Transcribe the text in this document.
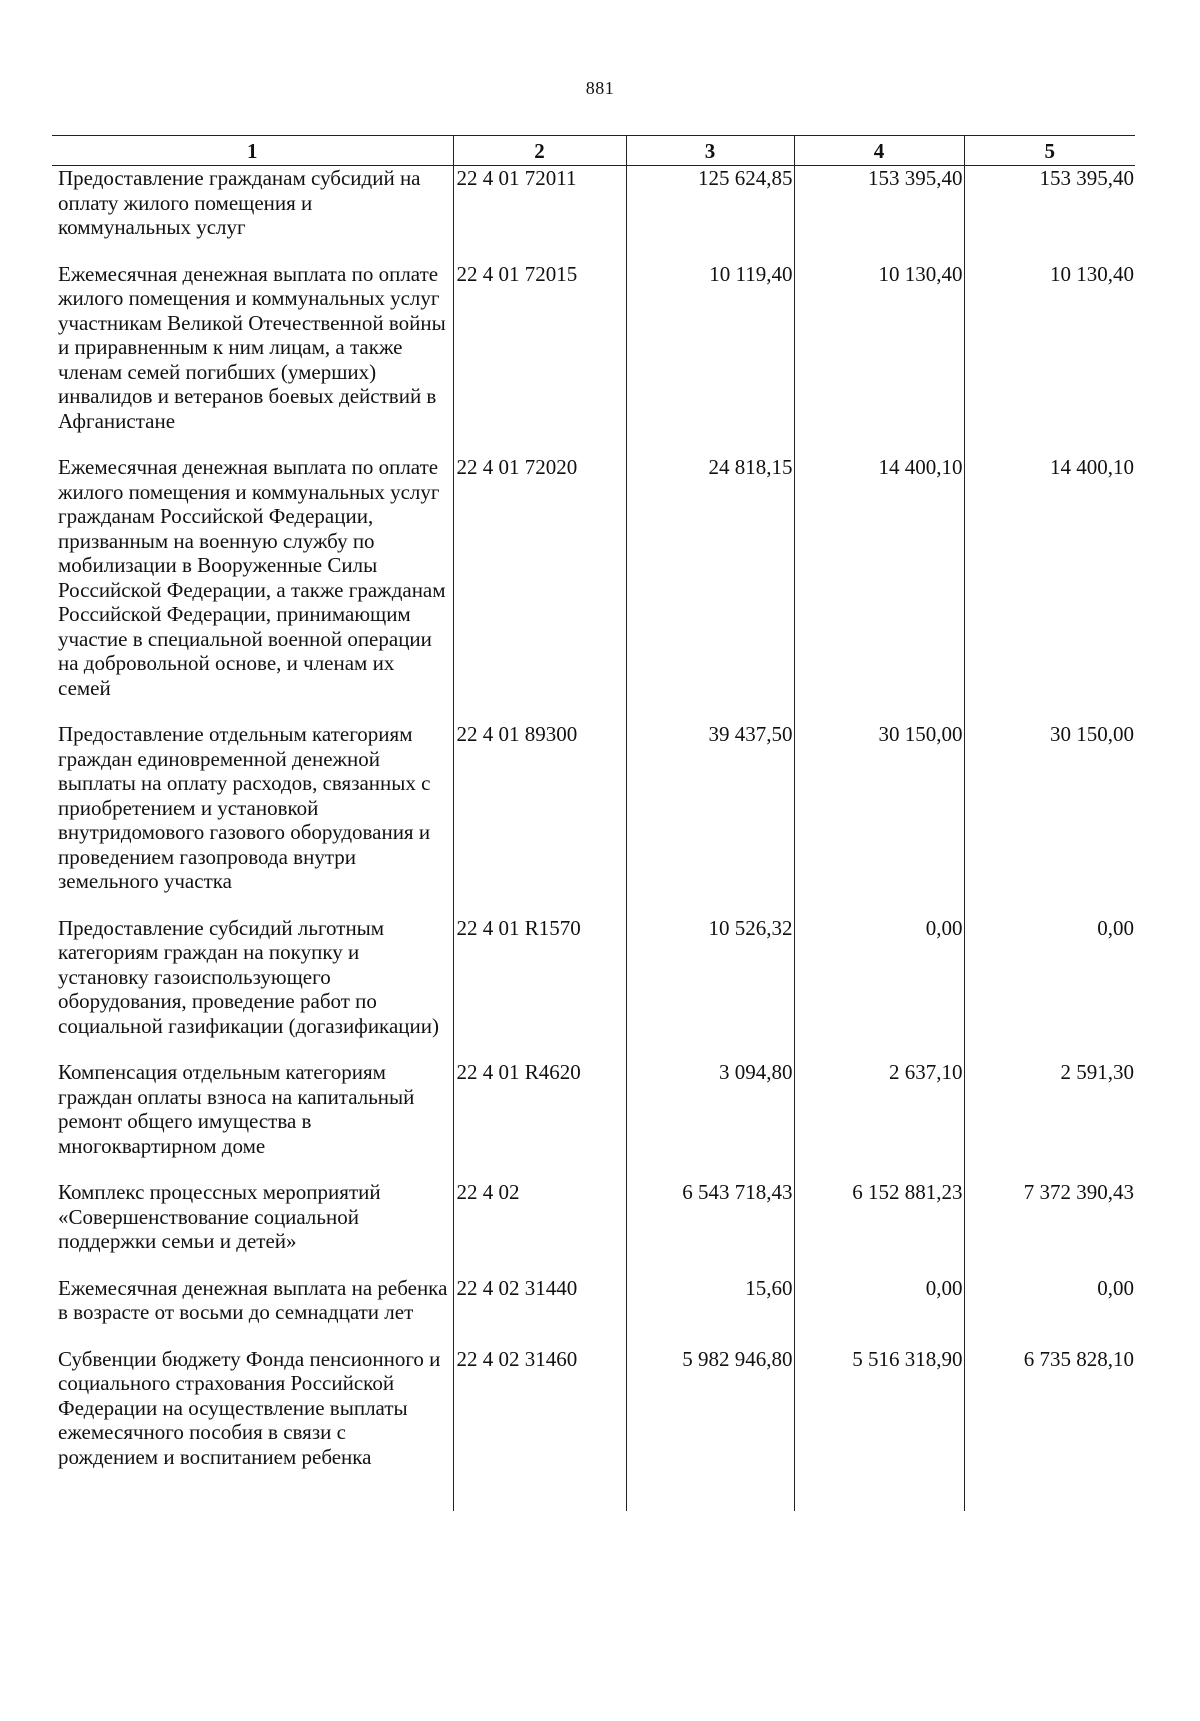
881
1	2	3	4	5
Предоставление гражданам субсидий на оплату жилого помещения и коммунальных услуг	22 4 01 72011	125 624,85	153 395,40	153 395,40
Ежемесячная денежная выплата по оплате жилого помещения и коммунальных услуг участникам Великой Отечественной войны и приравненным к ним лицам, а также членам семей погибших (умерших) инвалидов и ветеранов боевых действий в Афганистане	22 4 01 72015	10 119,40	10 130,40	10 130,40
Ежемесячная денежная выплата по оплате жилого помещения и коммунальных услуг гражданам Российской Федерации, призванным на военную службу по мобилизации в Вооруженные Силы Российской Федерации, а также гражданам Российской Федерации, принимающим участие в специальной военной операции на добровольной основе, и членам их семей	22 4 01 72020	24 818,15	14 400,10	14 400,10
Предоставление отдельным категориям граждан единовременной денежной выплаты на оплату расходов, связанных с приобретением и установкой внутридомового газового оборудования и проведением газопровода внутри земельного участка	22 4 01 89300	39 437,50	30 150,00	30 150,00
Предоставление субсидий льготным категориям граждан на покупку и установку газоиспользующего оборудования, проведение работ по социальной газификации (догазификации)	22 4 01 R1570	10 526,32	0,00	0,00
Компенсация отдельным категориям граждан оплаты взноса на капитальный ремонт общего имущества в многоквартирном доме	22 4 01 R4620	3 094,80	2 637,10	2 591,30
Комплекс процессных мероприятий «Совершенствование социальной поддержки семьи и детей»	22 4 02	6 543 718,43	6 152 881,23	7 372 390,43
Ежемесячная денежная выплата на ребенка в возрасте от восьми до семнадцати лет	22 4 02 31440	15,60	0,00	0,00
Субвенции бюджету Фонда пенсионного и социального страхования Российской Федерации на осуществление выплаты ежемесячного пособия в связи с рождением и воспитанием ребенка	22 4 02 31460	5 982 946,80	5 516 318,90	6 735 828,10
